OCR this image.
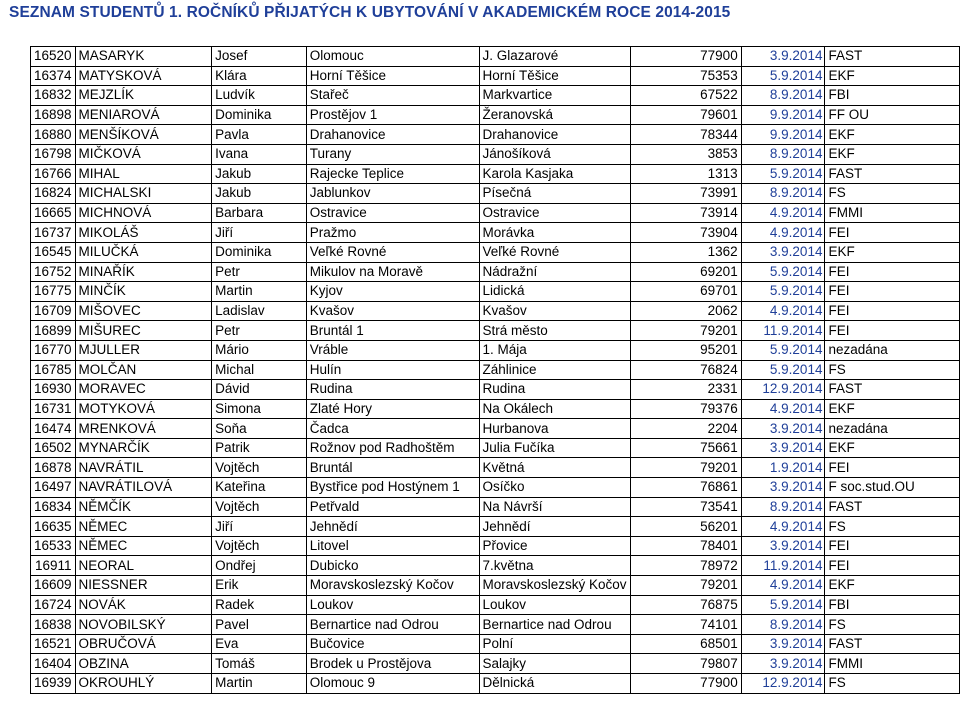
SEZNAM STUDENTŮ 1. ROČNÍKŮ PŘIJATÝCH K UBYTOVÁNÍ V AKADEMICKÉM ROCE 2014-2015
16520	MASARYK	Josef	Olomouc	J. Glazarové	77900	3.9.2014	FAST
16374	MATYSKOVÁ	Klára	Horní Těšice	Horní Těšice	75353	5.9.2014	EKF
16832	MEJZLÍK	Ludvík	Stařeč	Markvartice	67522	8.9.2014	FBI
16898	MENIAROVÁ	Dominika	Prostějov 1	Žeranovská	79601	9.9.2014	FF OU
16880	MENŠÍKOVÁ	Pavla	Drahanovice	Drahanovice	78344	9.9.2014	EKF
16798	MIČKOVÁ	Ivana	Turany	Jánošíková	3853	8.9.2014	EKF
16766	MIHAL	Jakub	Rajecke Teplice	Karola Kasjaka	1313	5.9.2014	FAST
16824	MICHALSKI	Jakub	Jablunkov	Písečná	73991	8.9.2014	FS
16665	MICHNOVÁ	Barbara	Ostravice	Ostravice	73914	4.9.2014	FMMI
16737	MIKOLÁŠ	Jiří	Pražmo	Morávka	73904	4.9.2014	FEI
16545	MILUČKÁ	Dominika	Veľké Rovné	Veľké Rovné	1362	3.9.2014	EKF
16752	MINAŘÍK	Petr	Mikulov na Moravě	Nádražní	69201	5.9.2014	FEI
16775	MINČÍK	Martin	Kyjov	Lidická	69701	5.9.2014	FEI
16709	MIŠOVEC	Ladislav	Kvašov	Kvašov	2062	4.9.2014	FEI
16899	MIŠUREC	Petr	Bruntál 1	Strá město	79201	11.9.2014	FEI
16770	MJULLER	Mário	Vráble	1. Mája	95201	5.9.2014	nezadána
16785	MOLČAN	Michal	Hulín	Záhlinice	76824	5.9.2014	FS
16930	MORAVEC	Dávid	Rudina	Rudina	2331	12.9.2014	FAST
16731	MOTYKOVÁ	Simona	Zlaté Hory	Na Okálech	79376	4.9.2014	EKF
16474	MRENKOVÁ	Soňa	Čadca	Hurbanova	2204	3.9.2014	nezadána
16502	MYNARČÍK	Patrik	Rožnov pod Radhoštěm	Julia Fučíka	75661	3.9.2014	EKF
16878	NAVRÁTIL	Vojtěch	Bruntál	Květná	79201	1.9.2014	FEI
16497	NAVRÁTILOVÁ	Kateřina	Bystřice pod Hostýnem 1	Osíčko	76861	3.9.2014	F soc.stud.OU
16834	NĚMČÍK	Vojtěch	Petřvald	Na Návrší	73541	8.9.2014	FAST
16635	NĚMEC	Jiří	Jehnědí	Jehnědí	56201	4.9.2014	FS
16533	NĚMEC	Vojtěch	Litovel	Přovice	78401	3.9.2014	FEI
16911	NEORAL	Ondřej	Dubicko	7.května	78972	11.9.2014	FEI
16609	NIESSNER	Erik	Moravskoslezský Kočov	Moravskoslezský Kočov	79201	4.9.2014	EKF
16724	NOVÁK	Radek	Loukov	Loukov	76875	5.9.2014	FBI
16838	NOVOBILSKÝ	Pavel	Bernartice nad Odrou	Bernartice nad Odrou	74101	8.9.2014	FS
16521	OBRUČOVÁ	Eva	Bučovice	Polní	68501	3.9.2014	FAST
16404	OBZINA	Tomáš	Brodek u Prostějova	Salajky	79807	3.9.2014	FMMI
16939	OKROUHLÝ	Martin	Olomouc 9	Dělnická	77900	12.9.2014	FS
